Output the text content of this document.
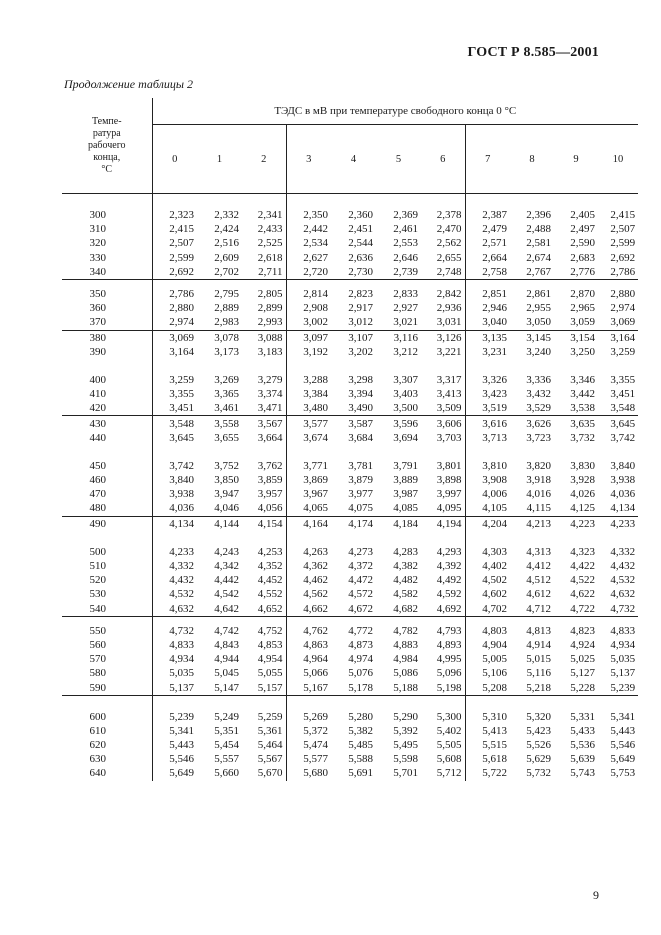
ГОСТ Р 8.585—2001
Продолжение таблицы 2
Темпе-
ратура
рабочего
конца,
°С	ТЭДС в мВ при температуре свободного конца 0 °С										
	0	1	2	3	4	5	6	7	8	9	10

300	2,323	2,332	2,341	2,350	2,360	2,369	2,378	2,387	2,396	2,405	2,415
310	2,415	2,424	2,433	2,442	2,451	2,461	2,470	2,479	2,488	2,497	2,507
320	2,507	2,516	2,525	2,534	2,544	2,553	2,562	2,571	2,581	2,590	2,599
330	2,599	2,609	2,618	2,627	2,636	2,646	2,655	2,664	2,674	2,683	2,692
340	2,692	2,702	2,711	2,720	2,730	2,739	2,748	2,758	2,767	2,776	2,786

350	2,786	2,795	2,805	2,814	2,823	2,833	2,842	2,851	2,861	2,870	2,880
360	2,880	2,889	2,899	2,908	2,917	2,927	2,936	2,946	2,955	2,965	2,974
370	2,974	2,983	2,993	3,002	3,012	3,021	3,031	3,040	3,050	3,059	3,069
380	3,069	3,078	3,088	3,097	3,107	3,116	3,126	3,135	3,145	3,154	3,164
390	3,164	3,173	3,183	3,192	3,202	3,212	3,221	3,231	3,240	3,250	3,259

400	3,259	3,269	3,279	3,288	3,298	3,307	3,317	3,326	3,336	3,346	3,355
410	3,355	3,365	3,374	3,384	3,394	3,403	3,413	3,423	3,432	3,442	3,451
420	3,451	3,461	3,471	3,480	3,490	3,500	3,509	3,519	3,529	3,538	3,548
430	3,548	3,558	3,567	3,577	3,587	3,596	3,606	3,616	3,626	3,635	3,645
440	3,645	3,655	3,664	3,674	3,684	3,694	3,703	3,713	3,723	3,732	3,742

450	3,742	3,752	3,762	3,771	3,781	3,791	3,801	3,810	3,820	3,830	3,840
460	3,840	3,850	3,859	3,869	3,879	3,889	3,898	3,908	3,918	3,928	3,938
470	3,938	3,947	3,957	3,967	3,977	3,987	3,997	4,006	4,016	4,026	4,036
480	4,036	4,046	4,056	4,065	4,075	4,085	4,095	4,105	4,115	4,125	4,134
490	4,134	4,144	4,154	4,164	4,174	4,184	4,194	4,204	4,213	4,223	4,233

500	4,233	4,243	4,253	4,263	4,273	4,283	4,293	4,303	4,313	4,323	4,332
510	4,332	4,342	4,352	4,362	4,372	4,382	4,392	4,402	4,412	4,422	4,432
520	4,432	4,442	4,452	4,462	4,472	4,482	4,492	4,502	4,512	4,522	4,532
530	4,532	4,542	4,552	4,562	4,572	4,582	4,592	4,602	4,612	4,622	4,632
540	4,632	4,642	4,652	4,662	4,672	4,682	4,692	4,702	4,712	4,722	4,732

550	4,732	4,742	4,752	4,762	4,772	4,782	4,793	4,803	4,813	4,823	4,833
560	4,833	4,843	4,853	4,863	4,873	4,883	4,893	4,904	4,914	4,924	4,934
570	4,934	4,944	4,954	4,964	4,974	4,984	4,995	5,005	5,015	5,025	5,035
580	5,035	5,045	5,055	5,066	5,076	5,086	5,096	5,106	5,116	5,127	5,137
590	5,137	5,147	5,157	5,167	5,178	5,188	5,198	5,208	5,218	5,228	5,239

600	5,239	5,249	5,259	5,269	5,280	5,290	5,300	5,310	5,320	5,331	5,341
610	5,341	5,351	5,361	5,372	5,382	5,392	5,402	5,413	5,423	5,433	5,443
620	5,443	5,454	5,464	5,474	5,485	5,495	5,505	5,515	5,526	5,536	5,546
630	5,546	5,557	5,567	5,577	5,588	5,598	5,608	5,618	5,629	5,639	5,649
640	5,649	5,660	5,670	5,680	5,691	5,701	5,712	5,722	5,732	5,743	5,753
9
